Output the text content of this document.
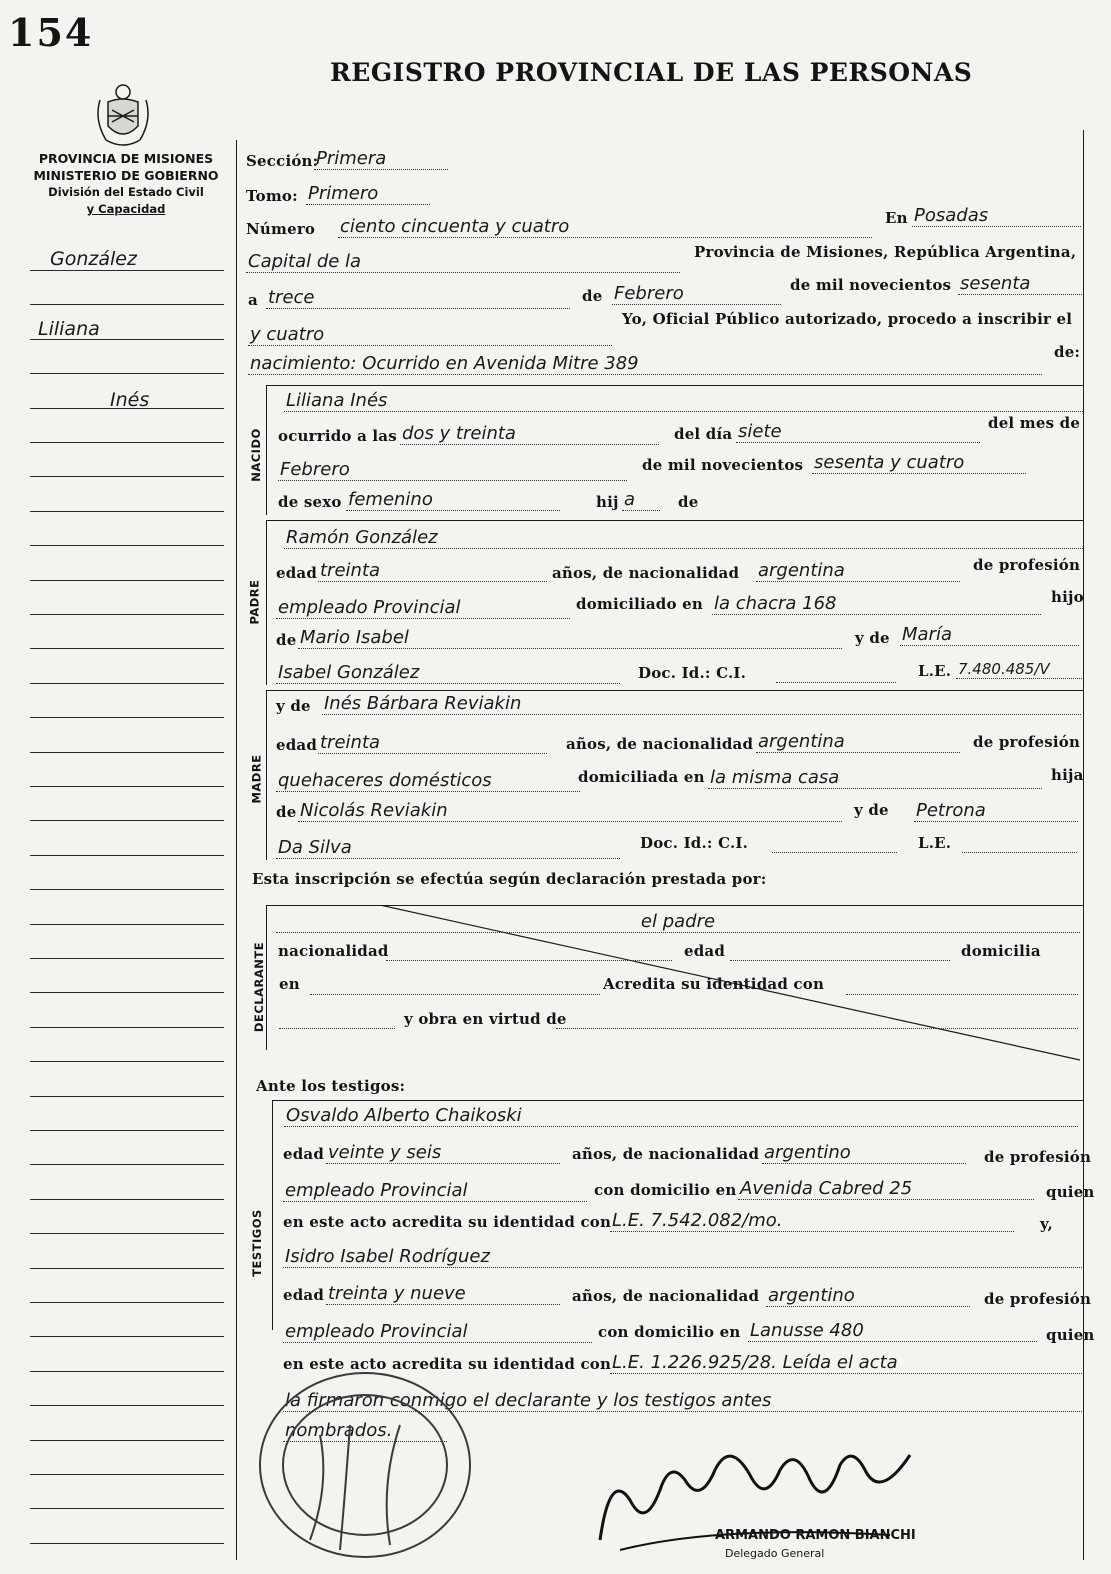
154
REGISTRO PROVINCIAL DE LAS PERSONAS
PROVINCIA DE MISIONES
MINISTERIO DE GOBIERNO
División del Estado Civil
y Capacidad
González
Liliana
Inés
NACIDO
PADRE
MADRE
DECLARANTE
TESTIGOS
Sección:
Primera
Tomo: Primero
Número ciento cincuenta y cuatro	En Posadas
Capital de la	Provincia de Misiones, República Argentina,
a trece	de Febrero	de mil novecientos sesenta
y cuatro
Yo, Oficial Público autorizado, procedo a inscribir el
nacimiento: Ocurrido en Avenida Mitre 389
de:
Liliana Inés
ocurrido a las dos y treinta	del día siete	del mes de
Febrero	de mil novecientos sesenta y cuatro
de sexo femenino	hij a	de
Ramón González
edad treinta	años, de nacionalidad argentina	de profesión
empleado Provincial	domiciliado en la chacra 168	hijo
de Mario Isabel	y de María
Isabel González	Doc. Id.: C.I.	L.E. 7.480.485/V
y de Inés Bárbara Reviakin
edad treinta	años, de nacionalidad argentina	de profesión
quehaceres domésticos	domiciliada en la misma casa	hija
de Nicolás Reviakin	y de Petrona
Da Silva	Doc. Id.: C.I.	L.E.
Esta inscripción se efectúa según declaración prestada por:
el padre
nacionalidad	edad	domicilia
en	Acredita su identidad con
y obra en virtud de
Ante los testigos:
Osvaldo Alberto Chaikoski
edad veinte y seis	años, de nacionalidad argentino	de profesión
empleado Provincial	con domicilio en Avenida Cabred 25	quien
en este acto acredita su identidad con L.E. 7.542.082/mo.	y,
Isidro Isabel Rodríguez
edad treinta y nueve	años, de nacionalidad argentino	de profesión
empleado Provincial	con domicilio en Lanusse 480	quien
en este acto acredita su identidad con L.E. 1.226.925/28. Leída el acta
la firmaron conmigo el declarante y los testigos antes
nombrados.
ARMANDO RAMON BIANCHI
Delegado General
